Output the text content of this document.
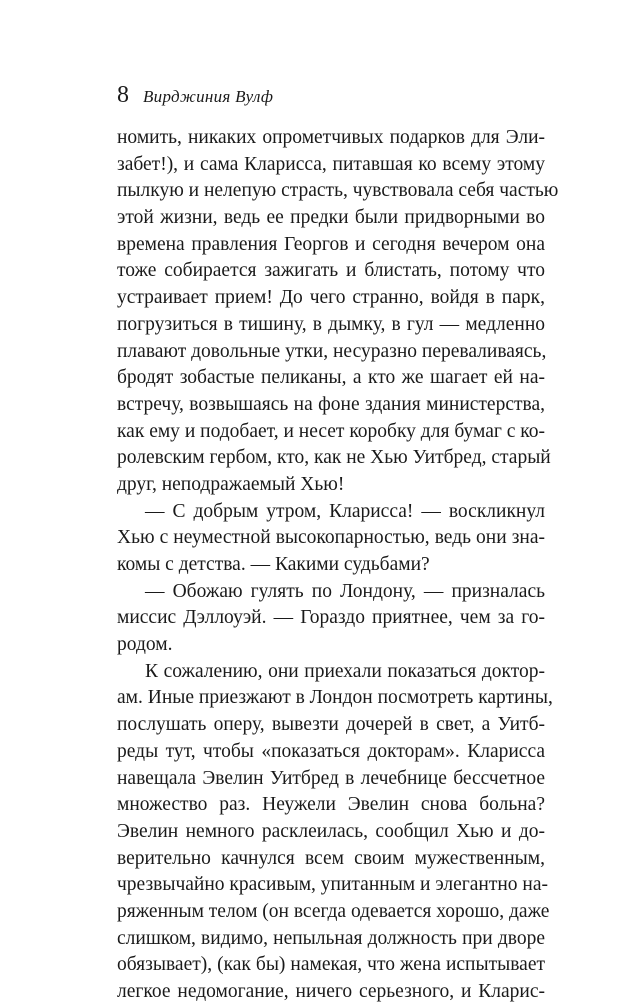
8 Вирджиния Вулф
номить, никаких опрометчивых подарков для Эли-
забет!), и сама Кларисса, питавшая ко всему этому
пылкую и нелепую страсть, чувствовала себя частью
этой жизни, ведь ее предки были придворными во
времена правления Георгов и сегодня вечером она
тоже собирается зажигать и блистать, потому что
устраивает прием! До чего странно, войдя в парк,
погрузиться в тишину, в дымку, в гул — медленно
плавают довольные утки, несуразно переваливаясь,
бродят зобастые пеликаны, а кто же шагает ей на-
встречу, возвышаясь на фоне здания министерства,
как ему и подобает, и несет коробку для бумаг с ко-
ролевским гербом, кто, как не Хью Уитбред, старый
друг, неподражаемый Хью!
— С добрым утром, Кларисса! — воскликнул
Хью с неуместной высокопарностью, ведь они зна-
комы с детства. — Какими судьбами?
— Обожаю гулять по Лондону, — призналась
миссис Дэллоуэй. — Гораздо приятнее, чем за го-
родом.
К сожалению, они приехали показаться доктор-
ам. Иные приезжают в Лондон посмотреть картины,
послушать оперу, вывезти дочерей в свет, а Уитб-
реды тут, чтобы «показаться докторам». Кларисса
навещала Эвелин Уитбред в лечебнице бессчетное
множество раз. Неужели Эвелин снова больна?
Эвелин немного расклеилась, сообщил Хью и до-
верительно качнулся всем своим мужественным,
чрезвычайно красивым, упитанным и элегантно на-
ряженным телом (он всегда одевается хорошо, даже
слишком, видимо, непыльная должность при дворе
обязывает), (как бы) намекая, что жена испытывает
легкое недомогание, ничего серьезного, и Кларис-
